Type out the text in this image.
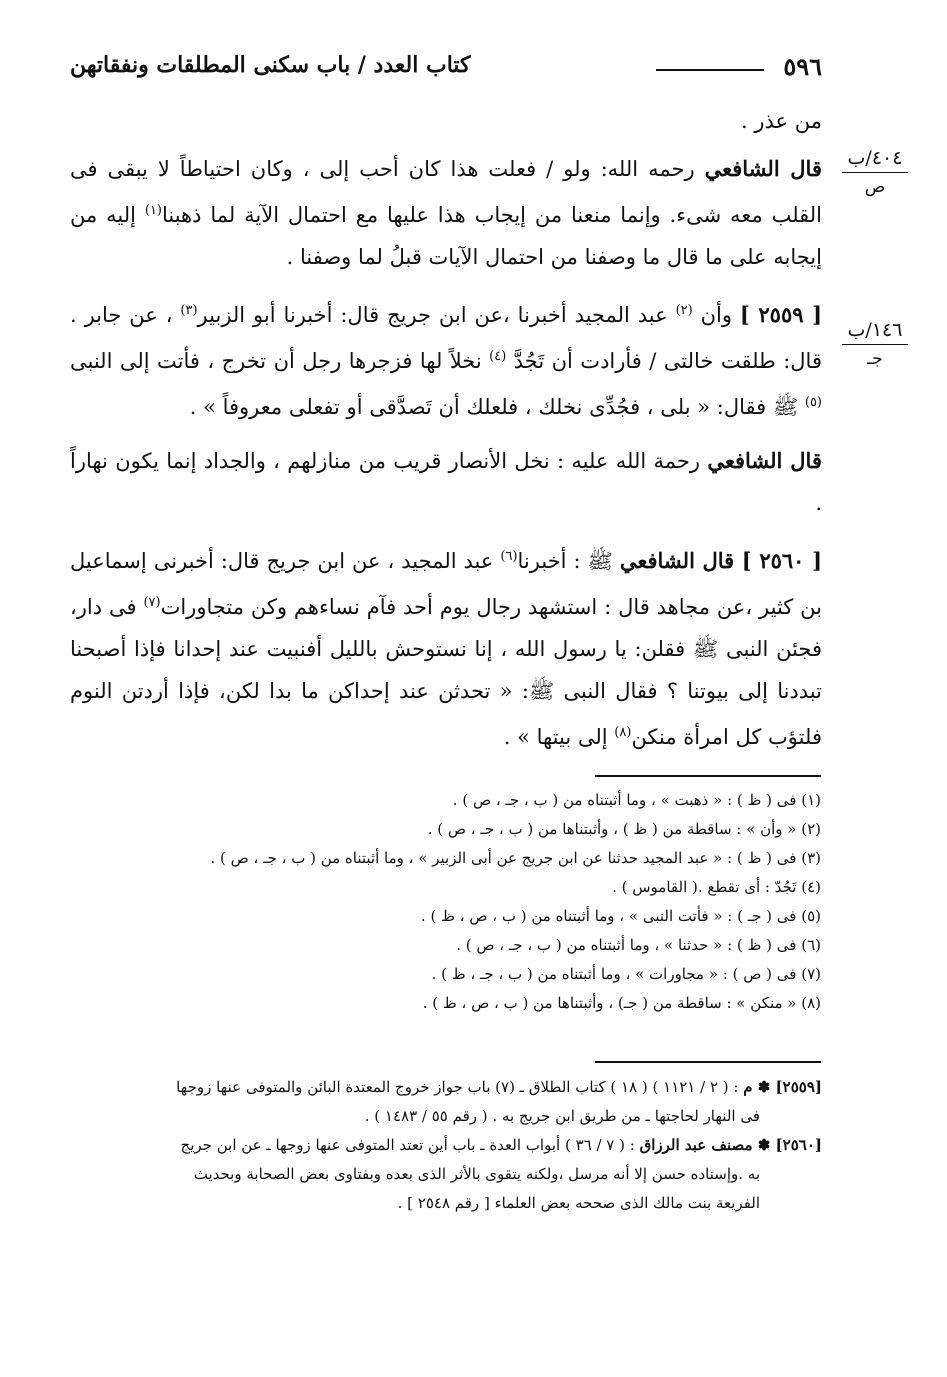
٥٩٦
كتاب العدد / باب سكنى المطلقات ونفقاتهن
٤٠٤/ب
ص
١٤٦/ب
جـ

من عذر .

قال الشافعي رحمه الله: ولو / فعلت هذا كان أحب إلى ، وكان احتياطاً لا يبقى فى القلب معه شىء. وإنما منعنا من إيجاب هذا عليها مع احتمال الآية لما ذهبنا$^{(١)}$ إليه من إيجابه على ما قال ما وصفنا من احتمال الآيات قبلُ لما وصفنا .

[ ٢٥٥٩ ] وأن $^{(٢)}$ عبد المجيد أخبرنا ،عن ابن جريج قال: أخبرنا أبو الزبير$^{(٣)}$ ، عن جابر . قال: طلقت خالتى / فأرادت أن تَجُدَّ $^{(٤)}$ نخلاً لها فزجرها رجل أن تخرج ، فأتت إلى النبى $^{(٥)}$ ﷺ فقال: « بلى ، فجُدِّى نخلك ، فلعلك أن تَصدَّقى أو تفعلى معروفاً » .

قال الشافعي رحمة الله عليه : نخل الأنصار قريب من منازلهم ، والجداد إنما يكون نهاراً .

[ ٢٥٦٠ ] قال الشافعي ﷺ : أخبرنا$^{(٦)}$ عبد المجيد ، عن ابن جريج قال: أخبرنى إسماعيل بن كثير ،عن مجاهد قال : استشهد رجال يوم أحد فآم نساءهم وكن متجاورات$^{(٧)}$ فى دار، فجئن النبى ﷺ فقلن: يا رسول الله ، إنا نستوحش بالليل أفنبيت عند إحدانا فإذا أصبحنا تبددنا إلى بيوتنا ؟ فقال النبى ﷺ: « تحدثن عند إحداكن ما بدا لكن، فإذا أردتن النوم فلتؤب كل امرأة منكن$^{(٨)}$ إلى بيتها » .

(١) فى ( ظ ) : « ذهبت » ، وما أثبتناه من ( ب ، جـ ، ص ) .
(٢) « وأن » : ساقطة من ( ظ ) ، وأثبتناها من ( ب ، جـ ، ص ) .
(٣) فى ( ظ ) : « عبد المجيد حدثنا عن ابن جريج عن أبى الزبير » ، وما أثبتناه من ( ب ، جـ ، ص ) .
(٤) تَجُدّ : أى تقطع .( القاموس ) .
(٥) فى ( جـ ) : « فأتت النبى » ، وما أثبتناه من ( ب ، ص ، ظ ) .
(٦) فى ( ظ ) : « حدثنا » ، وما أثبتناه من ( ب ، جـ ، ص ) .
(٧) فى ( ص ) : « مجاورات » ، وما أثبتناه من ( ب ، جـ ، ظ ) .
(٨) « منكن » : ساقطة من ( جـ) ، وأثبتناها من ( ب ، ص ، ظ ) .

[٢٥٥٩] ✽ م : ( ٢ / ١١٢١ ) ( ١٨ ) كتاب الطلاق ـ (٧) باب جواز خروج المعتدة البائن والمتوفى عنها زوجها
فى النهار لحاجتها ـ من طريق ابن جريج به . ( رقم ٥٥ / ١٤٨٣ ) .

[٢٥٦٠] ✽ مصنف عبد الرزاق : ( ٧ / ٣٦ ) أبواب العدة ـ باب أين تعتد المتوفى عنها زوجها ـ عن ابن جريج
به .وإسناده حسن إلا أنه مرسل ،ولكنه يتقوى بالأثر الذى بعده وبفتاوى بعض الصحابة وبحديث
الفريعة بنت مالك الذى صححه بعض العلماء [ رقم ٢٥٤٨ ] .
